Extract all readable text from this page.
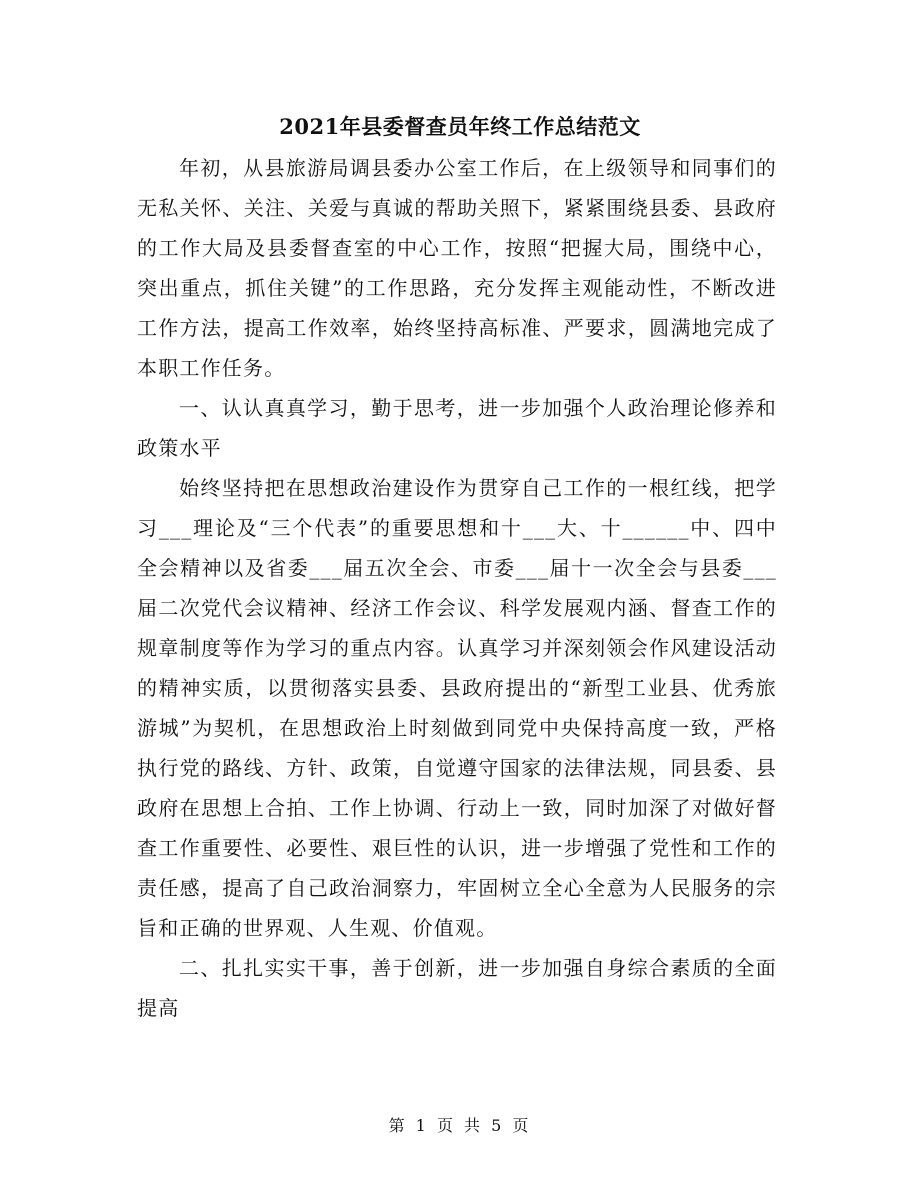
2021年县委督查员年终工作总结范文

年初，从县旅游局调县委办公室工作后，在上级领导和同事们的无私关怀、关注、关爱与真诚的帮助关照下，紧紧围绕县委、县政府的工作大局及县委督查室的中心工作，按照“把握大局，围绕中心，突出重点，抓住关键”的工作思路，充分发挥主观能动性，不断改进工作方法，提高工作效率，始终坚持高标准、严要求，圆满地完成了本职工作任务。

一、认认真真学习，勤于思考，进一步加强个人政治理论修养和政策水平

始终坚持把在思想政治建设作为贯穿自己工作的一根红线，把学习___理论及“三个代表”的重要思想和十___大、十______中、四中全会精神以及省委___届五次全会、市委___届十一次全会与县委___届二次党代会议精神、经济工作会议、科学发展观内涵、督查工作的规章制度等作为学习的重点内容。认真学习并深刻领会作风建设活动的精神实质，以贯彻落实县委、县政府提出的“新型工业县、优秀旅游城”为契机，在思想政治上时刻做到同党中央保持高度一致，严格执行党的路线、方针、政策，自觉遵守国家的法律法规，同县委、县政府在思想上合拍、工作上协调、行动上一致，同时加深了对做好督查工作重要性、必要性、艰巨性的认识，进一步增强了党性和工作的责任感，提高了自己政治洞察力，牢固树立全心全意为人民服务的宗旨和正确的世界观、人生观、价值观。

二、扎扎实实干事，善于创新，进一步加强自身综合素质的全面提高

第 1 页 共 5 页
